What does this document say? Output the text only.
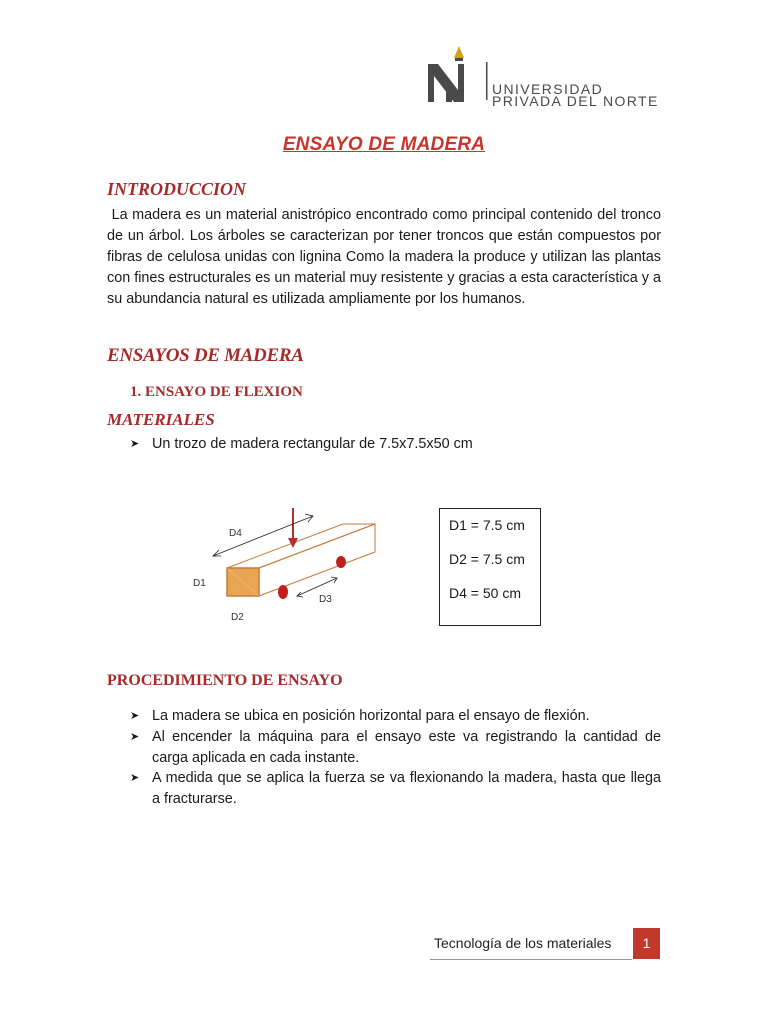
UNIVERSIDAD
PRIVADA DEL NORTE
ENSAYO DE MADERA
INTRODUCCION
La madera es un material anistrópico encontrado como principal contenido del tronco de un árbol. Los árboles se caracterizan por tener troncos que están compuestos por fibras de celulosa unidas con lignina Como la madera la produce y utilizan las plantas con fines estructurales es un material muy resistente y gracias a esta característica y a su abundancia natural es utilizada ampliamente por los humanos.
ENSAYOS DE MADERA
1. ENSAYO DE FLEXION
MATERIALES
➤ Un trozo de madera rectangular de 7.5x7.5x50 cm
D4
D1
D2
D3
D1 = 7.5 cm
D2 = 7.5 cm
D4 = 50 cm
PROCEDIMIENTO DE ENSAYO
➤ La madera se ubica en posición horizontal para el ensayo de flexión.
➤ Al encender la máquina para el ensayo este va registrando la cantidad de carga aplicada en cada instante.
➤ A medida que se aplica la fuerza se va flexionando la madera, hasta que llega a fracturarse.
Tecnología de los materiales	1
